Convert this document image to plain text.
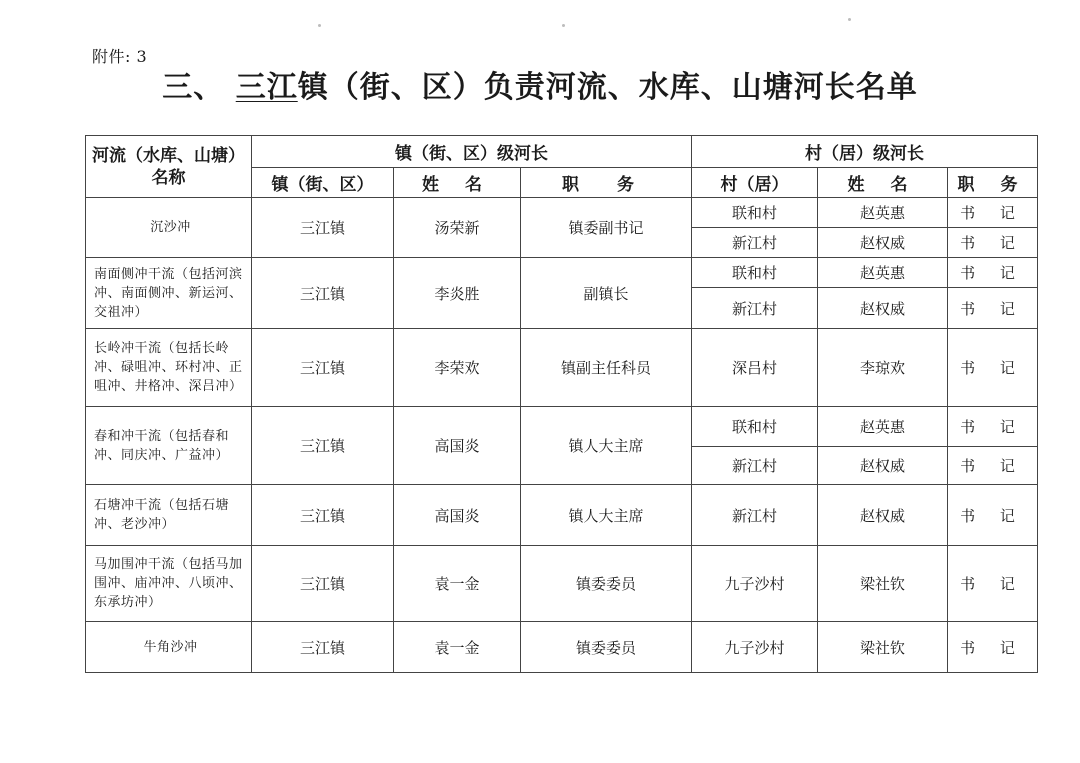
附件: 3
三、 三江镇（街、区）负责河流、水库、山塘河长名单
河流（水库、山塘）名称	镇（街、区）级河长			村（居）级河长		
	镇（街、区）	姓 名	职 务	村（居）	姓 名	职 务
沉沙冲	三江镇	汤荣新	镇委副书记	联和村	赵英惠	书 记
				新江村	赵权威	书 记
南面侧冲干流（包括河滨冲、南面侧冲、新运河、交祖冲）	三江镇	李炎胜	副镇长	联和村	赵英惠	书 记
				新江村	赵权威	书 记
长岭冲干流（包括长岭冲、碌咀冲、环村冲、正咀冲、井格冲、深吕冲）	三江镇	李荣欢	镇副主任科员	深吕村	李琼欢	书 记
春和冲干流（包括春和冲、同庆冲、广益冲）	三江镇	高国炎	镇人大主席	联和村	赵英惠	书 记
				新江村	赵权威	书 记
石塘冲干流（包括石塘冲、老沙冲）	三江镇	高国炎	镇人大主席	新江村	赵权威	书 记
马加围冲干流（包括马加围冲、庙冲冲、八顷冲、东承坊冲）	三江镇	袁一金	镇委委员	九子沙村	梁社钦	书 记
牛角沙冲	三江镇	袁一金	镇委委员	九子沙村	梁社钦	书 记
